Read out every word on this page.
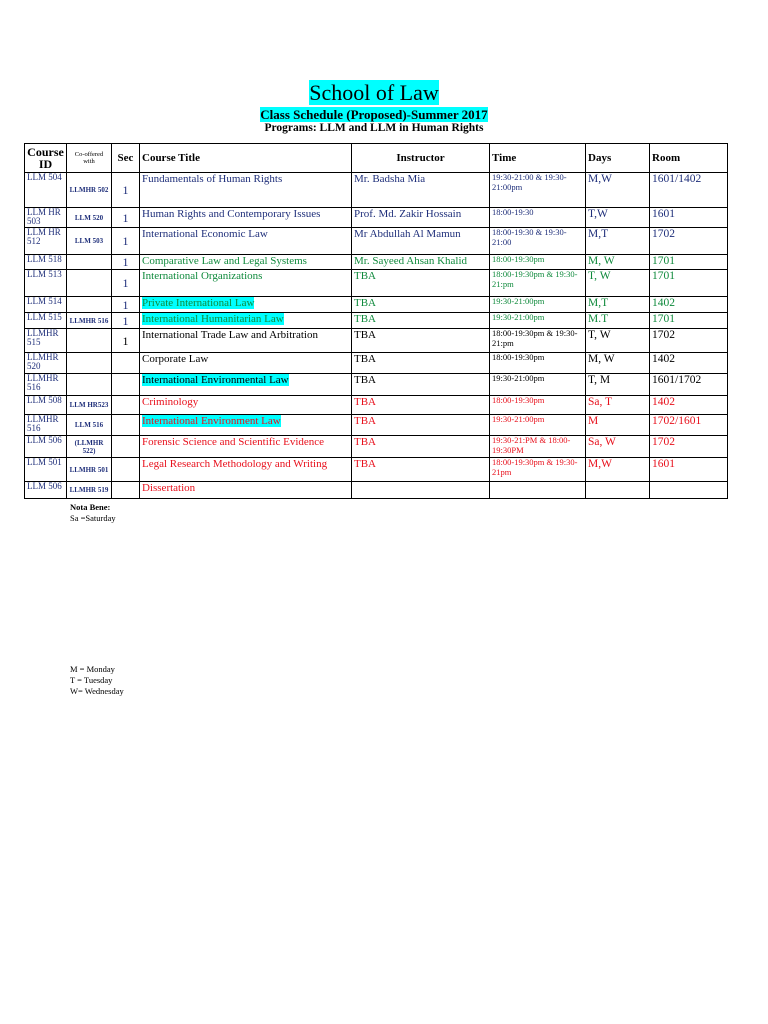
School of Law
Class Schedule (Proposed)-Summer 2017
Programs: LLM and LLM in Human Rights
Course ID	Co-offered with	Sec	Course Title	Instructor	Time	Days	Room
LLM 504	LLMHR 502	1	Fundamentals of Human Rights	Mr. Badsha Mia	19:30-21:00 & 19:30-21:00pm	M,W	1601/1402
LLM HR 503	LLM 520	1	Human Rights and Contemporary Issues	Prof. Md. Zakir Hossain	18:00-19:30	T,W	1601
LLM HR 512	LLM 503	1	International Economic Law	Mr Abdullah Al Mamun	18:00-19:30 & 19:30-21:00	M,T	1702
LLM 518		1	Comparative Law and Legal Systems	Mr. Sayeed Ahsan Khalid	18:00-19:30pm	M, W	1701
LLM 513		1	International Organizations	TBA	18:00-19:30pm & 19:30-21:pm	T, W	1701
LLM 514		1	Private International Law	TBA	19:30-21:00pm	M,T	1402
LLM 515	LLMHR 516	1	International Humanitarian Law	TBA	19:30-21:00pm	M.T	1701
LLMHR 515		1	International Trade Law and Arbitration	TBA	18:00-19:30pm & 19:30-21:pm	T, W	1702
LLMHR 520			Corporate Law	TBA	18:00-19:30pm	M, W	1402
LLMHR 516			International Environmental Law	TBA	19:30-21:00pm	T, M	1601/1702
LLM 508	LLM HR523		Criminology	TBA	18:00-19:30pm	Sa, T	1402
LLMHR 516	LLM 516		International Environment Law	TBA	19:30-21:00pm	M	1702/1601
LLM 506	(LLMHR 522)		Forensic Science and Scientific Evidence	TBA	19:30-21:PM & 18:00-19:30PM	Sa, W	1702
LLM 501	LLMHR 501		Legal Research Methodology and Writing	TBA	18:00-19:30pm & 19:30-21pm	M,W	1601
LLM 506	LLMHR 519		Dissertation				
Nota Bene:
Sa =Saturday
M = Monday
T = Tuesday
W= Wednesday
